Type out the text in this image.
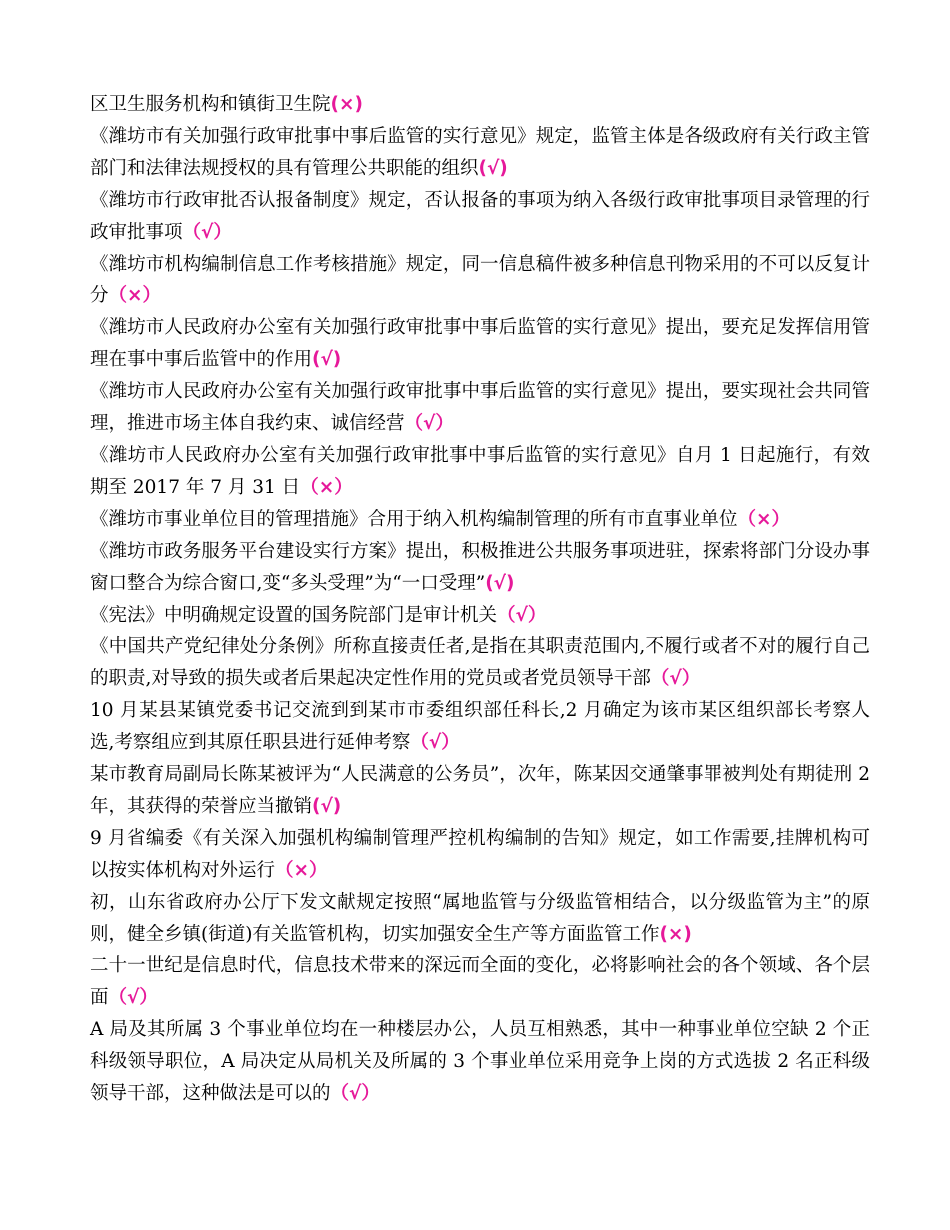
区卫生服务机构和镇街卫生院(×)

《潍坊市有关加强行政审批事中事后监管的实行意见》规定，监管主体是各级政府有关行政主管部门和法律法规授权的具有管理公共职能的组织(√)

《潍坊市行政审批否认报备制度》规定，否认报备的事项为纳入各级行政审批事项目录管理的行政审批事项（√）

《潍坊市机构编制信息工作考核措施》规定，同一信息稿件被多种信息刊物采用的不可以反复计分（×）

《潍坊市人民政府办公室有关加强行政审批事中事后监管的实行意见》提出，要充足发挥信用管理在事中事后监管中的作用(√)

《潍坊市人民政府办公室有关加强行政审批事中事后监管的实行意见》提出，要实现社会共同管理，推进市场主体自我约束、诚信经营（√）

《潍坊市人民政府办公室有关加强行政审批事中事后监管的实行意见》自月 1 日起施行，有效期至 2017 年 7 月 31 日（×）

《潍坊市事业单位目的管理措施》合用于纳入机构编制管理的所有市直事业单位（×）

《潍坊市政务服务平台建设实行方案》提出，积极推进公共服务事项进驻，探索将部门分设办事窗口整合为综合窗口,变“多头受理”为“一口受理”(√)

《宪法》中明确规定设置的国务院部门是审计机关（√）

《中国共产党纪律处分条例》所称直接责任者,是指在其职责范围内,不履行或者不对的履行自己的职责,对导致的损失或者后果起决定性作用的党员或者党员领导干部（√）

10 月某县某镇党委书记交流到到某市市委组织部任科长,2 月确定为该市某区组织部长考察人选,考察组应到其原任职县进行延伸考察（√）

某市教育局副局长陈某被评为“人民满意的公务员”，次年，陈某因交通肇事罪被判处有期徒刑 2 年，其获得的荣誉应当撤销(√)

9 月省编委《有关深入加强机构编制管理严控机构编制的告知》规定，如工作需要,挂牌机构可以按实体机构对外运行（×）

初，山东省政府办公厅下发文献规定按照“属地监管与分级监管相结合，以分级监管为主”的原则，健全乡镇(街道)有关监管机构，切实加强安全生产等方面监管工作(×)

二十一世纪是信息时代，信息技术带来的深远而全面的变化，必将影响社会的各个领域、各个层面（√）

A 局及其所属 3 个事业单位均在一种楼层办公，人员互相熟悉，其中一种事业单位空缺 2 个正科级领导职位，A 局决定从局机关及所属的 3 个事业单位采用竞争上岗的方式选拔 2 名正科级领导干部，这种做法是可以的（√）
